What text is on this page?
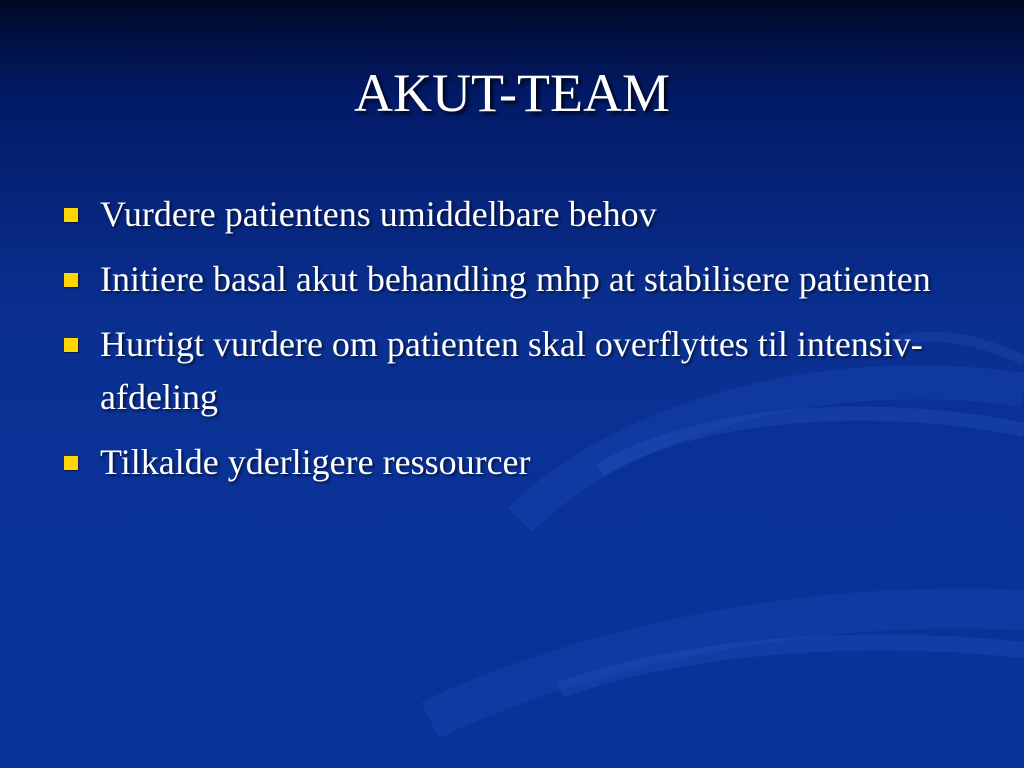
AKUT-TEAM
Vurdere patientens umiddelbare behov
Initiere basal akut behandling mhp at stabilisere patienten
Hurtigt vurdere om patienten skal overflyttes til intensiv-afdeling
Tilkalde yderligere ressourcer
